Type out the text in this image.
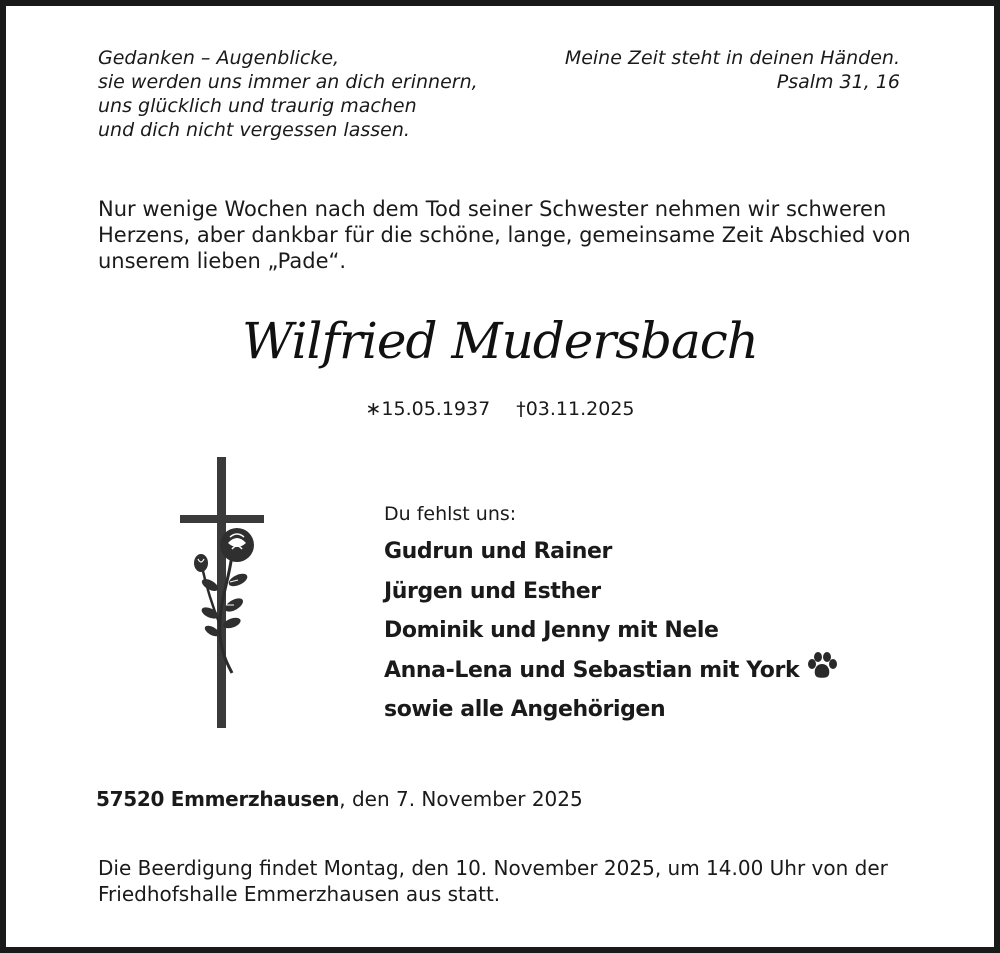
Gedanken – Augenblicke,
sie werden uns immer an dich erinnern,
uns glücklich und traurig machen
und dich nicht vergessen lassen.
Meine Zeit steht in deinen Händen.
Psalm 31, 16
Nur wenige Wochen nach dem Tod seiner Schwester nehmen wir schweren
Herzens, aber dankbar für die schöne, lange, gemeinsame Zeit Abschied von
unserem lieben „Pade“.
Wilfried Mudersbach
∗15.05.1937 †03.11.2025
Du fehlst uns:
Gudrun und Rainer
Jürgen und Esther
Dominik und Jenny mit Nele
Anna-Lena und Sebastian mit York
sowie alle Angehörigen
57520 Emmerzhausen, den 7. November 2025
Die Beerdigung findet Montag, den 10. November 2025, um 14.00 Uhr von der
Friedhofshalle Emmerzhausen aus statt.
